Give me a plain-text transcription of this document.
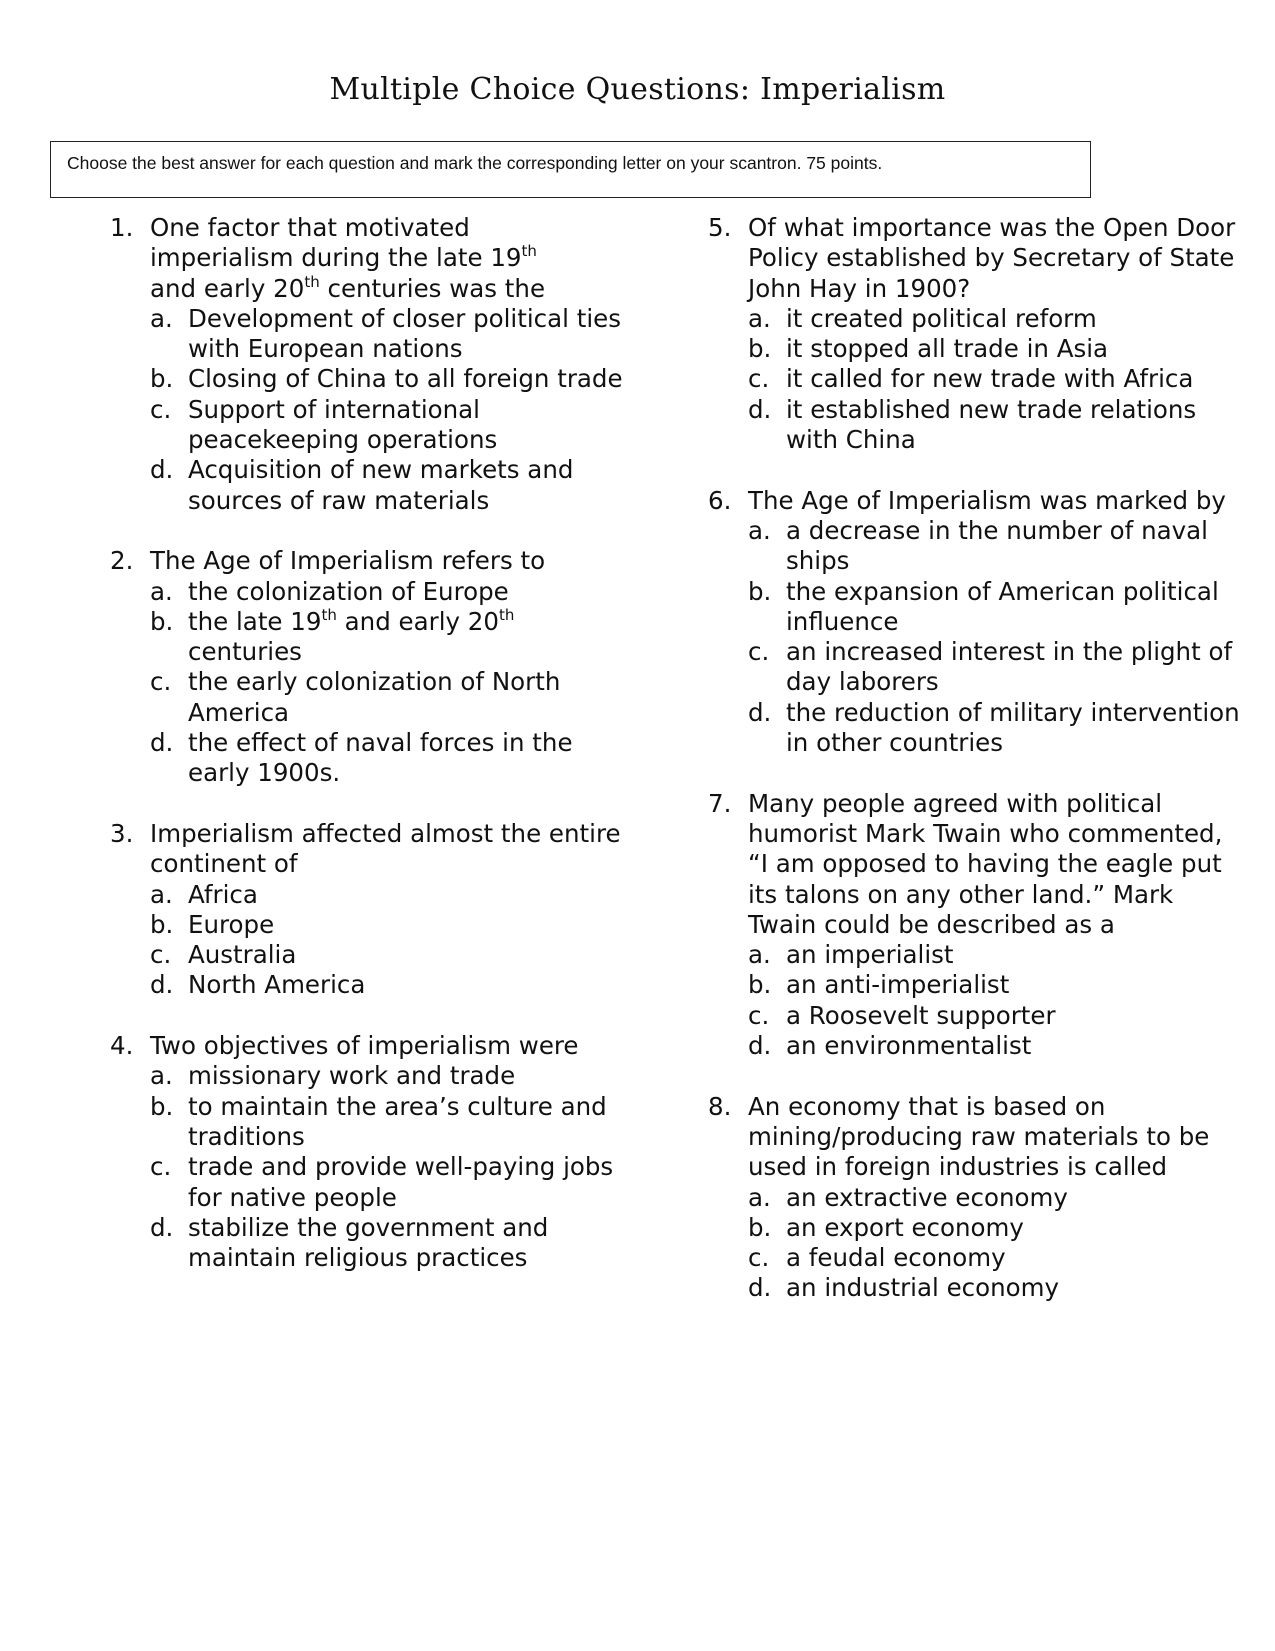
Multiple Choice Questions: Imperialism
Choose the best answer for each question and mark the corresponding letter on your scantron. 75 points.
1. One factor that motivated
imperialism during the late 19th
and early 20th centuries was the
a. Development of closer political ties with European nations
b. Closing of China to all foreign trade
c. Support of international peacekeeping operations
d. Acquisition of new markets and sources of raw materials
2. The Age of Imperialism refers to
a. the colonization of Europe
b. the late 19th and early 20th
centuries
c. the early colonization of North America
d. the effect of naval forces in the early 1900s.
3. Imperialism affected almost the entire continent of
a. Africa
b. Europe
c. Australia
d. North America
4. Two objectives of imperialism were
a. missionary work and trade
b. to maintain the area’s culture and traditions
c. trade and provide well-paying jobs for native people
d. stabilize the government and maintain religious practices
5. Of what importance was the Open Door Policy established by Secretary of State John Hay in 1900?
a. it created political reform
b. it stopped all trade in Asia
c. it called for new trade with Africa
d. it established new trade relations with China
6. The Age of Imperialism was marked by
a. a decrease in the number of naval ships
b. the expansion of American political influence
c. an increased interest in the plight of day laborers
d. the reduction of military intervention in other countries
7. Many people agreed with political humorist Mark Twain who commented, “I am opposed to having the eagle put its talons on any other land.” Mark Twain could be described as a
a. an imperialist
b. an anti-imperialist
c. a Roosevelt supporter
d. an environmentalist
8. An economy that is based on mining/producing raw materials to be used in foreign industries is called
a. an extractive economy
b. an export economy
c. a feudal economy
d. an industrial economy
